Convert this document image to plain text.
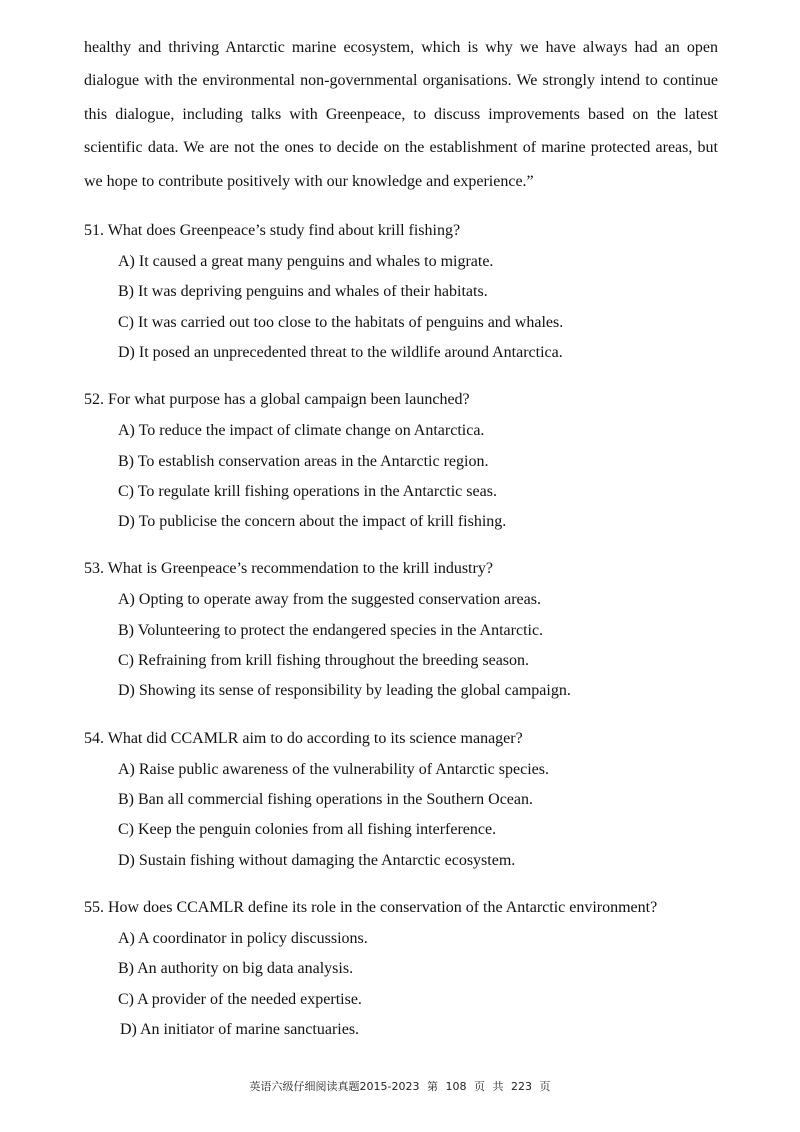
healthy and thriving Antarctic marine ecosystem, which is why we have always had an open
dialogue with the environmental non-governmental organisations. We strongly intend to continue
this dialogue, including talks with Greenpeace, to discuss improvements based on the latest
scientific data. We are not the ones to decide on the establishment of marine protected areas, but
we hope to contribute positively with our knowledge and experience.”
51. What does Greenpeace’s study find about krill fishing?
A) It caused a great many penguins and whales to migrate.
B) It was depriving penguins and whales of their habitats.
C) It was carried out too close to the habitats of penguins and whales.
D) It posed an unprecedented threat to the wildlife around Antarctica.
52. For what purpose has a global campaign been launched?
A) To reduce the impact of climate change on Antarctica.
B) To establish conservation areas in the Antarctic region.
C) To regulate krill fishing operations in the Antarctic seas.
D) To publicise the concern about the impact of krill fishing.
53. What is Greenpeace’s recommendation to the krill industry?
A) Opting to operate away from the suggested conservation areas.
B) Volunteering to protect the endangered species in the Antarctic.
C) Refraining from krill fishing throughout the breeding season.
D) Showing its sense of responsibility by leading the global campaign.
54. What did CCAMLR aim to do according to its science manager?
A) Raise public awareness of the vulnerability of Antarctic species.
B) Ban all commercial fishing operations in the Southern Ocean.
C) Keep the penguin colonies from all fishing interference.
D) Sustain fishing without damaging the Antarctic ecosystem.
55. How does CCAMLR define its role in the conservation of the Antarctic environment?
A) A coordinator in policy discussions.
B) An authority on big data analysis.
C) A provider of the needed expertise.
D) An initiator of marine sanctuaries.
英语六级仔细阅读真题2015-2023 第 108 页 共 223 页
